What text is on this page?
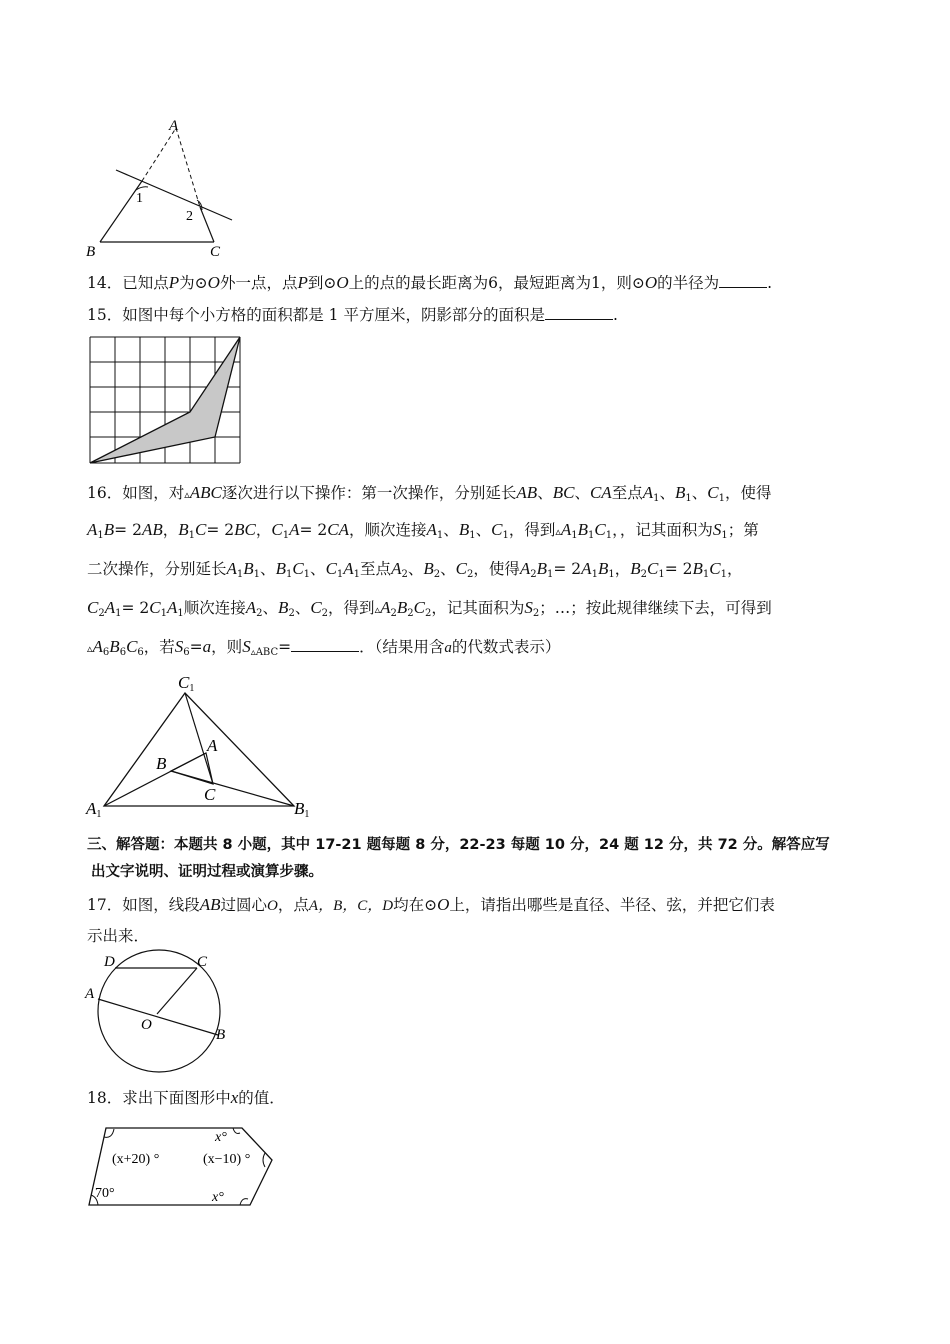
A
B	C
1
2
14．已知点P为⊙O外一点，点P到⊙O上的点的最长距离为6，最短距离为1，则⊙O的半径为	.
15．如图中每个小方格的面积都是 1 平方厘米，阴影部分的面积是	.
16．如图，对▵ABC逐次进行以下操作：第一次操作，分别延长AB、BC、CA至点A1、B1、C1，使得
A1B= 2AB，B1C= 2BC，C1A= 2CA，顺次连接A1、B1、C1，得到▵A1B1C1，，记其面积为S1；第
二次操作，分别延长A1B1、B1C1、C1A1至点A2、B2、C2，使得A2B1= 2A1B1，B2C1= 2B1C1，
C2A1= 2C1A1顺次连接A2、B2、C2，得到▵A2B2C2，记其面积为S2；…；按此规律继续下去，可得到
▵A6B6C6，若S6=a，则S▵ABC=	．（结果用含a的代数式表示）
C1
A1	B1
A
B
C
三、解答题：本题共 8 小题，其中 17-21 题每题 8 分，22-23 每题 10 分，24 题 12 分，共 72 分。解答应写
出文字说明、证明过程或演算步骤。
17．如图，线段AB过圆心O，点A，B，C，D均在⊙O上，请指出哪些是直径、半径、弦，并把它们表
示出来．
D	C
A
O
B
18．求出下面图形中x的值．
x°
(x+20) °	(x−10) °
70°	x°
